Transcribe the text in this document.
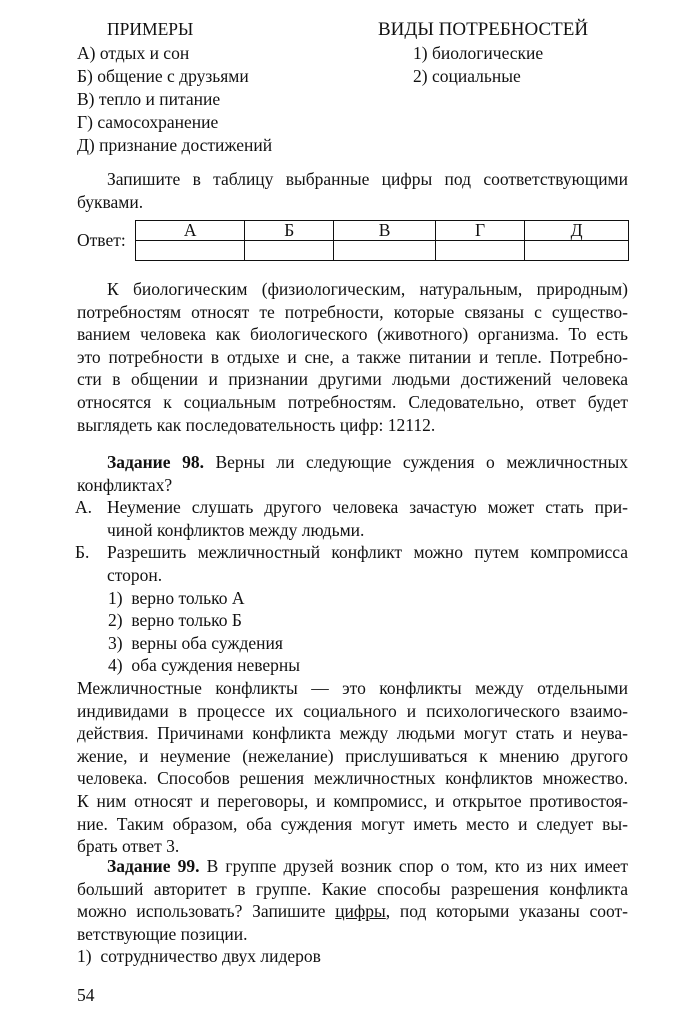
ПРИМЕРЫ
А) отдых и сон
Б) общение с друзьями
В) тепло и питание
Г) самосохранение
Д) признание достижений
ВИДЫ ПОТРЕБНОСТЕЙ
1) биологические
2) социальные
Запишите в таблицу выбранные цифры под соответствующими
буквами.
Ответ:	А	Б	В	Г	Д

К биологическим (физиологическим, натуральным, природным)
потребностям относят те потребности, которые связаны с существо-
ванием человека как биологического (животного) организма. То есть
это потребности в отдыхе и сне, а также питании и тепле. Потребно-
сти в общении и признании другими людьми достижений человека
относятся к социальным потребностям. Следовательно, ответ будет
выглядеть как последовательность цифр: 12112.
Задание 98. Верны ли следующие суждения о межличностных
конфликтах?
А. Неумение слушать другого человека зачастую может стать при-
чиной конфликтов между людьми.
Б.	Разрешить межличностный конфликт можно путем компромисса
сторон.
1)  верно только А
2)  верно только Б
3)  верны оба суждения
4)  оба суждения неверны
Межличностные конфликты — это конфликты между отдельными
индивидами в процессе их социального и психологического взаимо-
действия. Причинами конфликта между людьми могут стать и неува-
жение, и неумение (нежелание) прислушиваться к мнению другого
человека. Способов решения межличностных конфликтов множество.
К ним относят и переговоры, и компромисс, и открытое противостоя-
ние. Таким образом, оба суждения могут иметь место и следует вы-
брать ответ 3.
Задание 99. В группе друзей возник спор о том, кто из них имеет
больший авторитет в группе. Какие способы разрешения конфликта
можно использовать? Запишите цифры, под которыми указаны соот-
ветствующие позиции.
1)  сотрудничество двух лидеров
54
